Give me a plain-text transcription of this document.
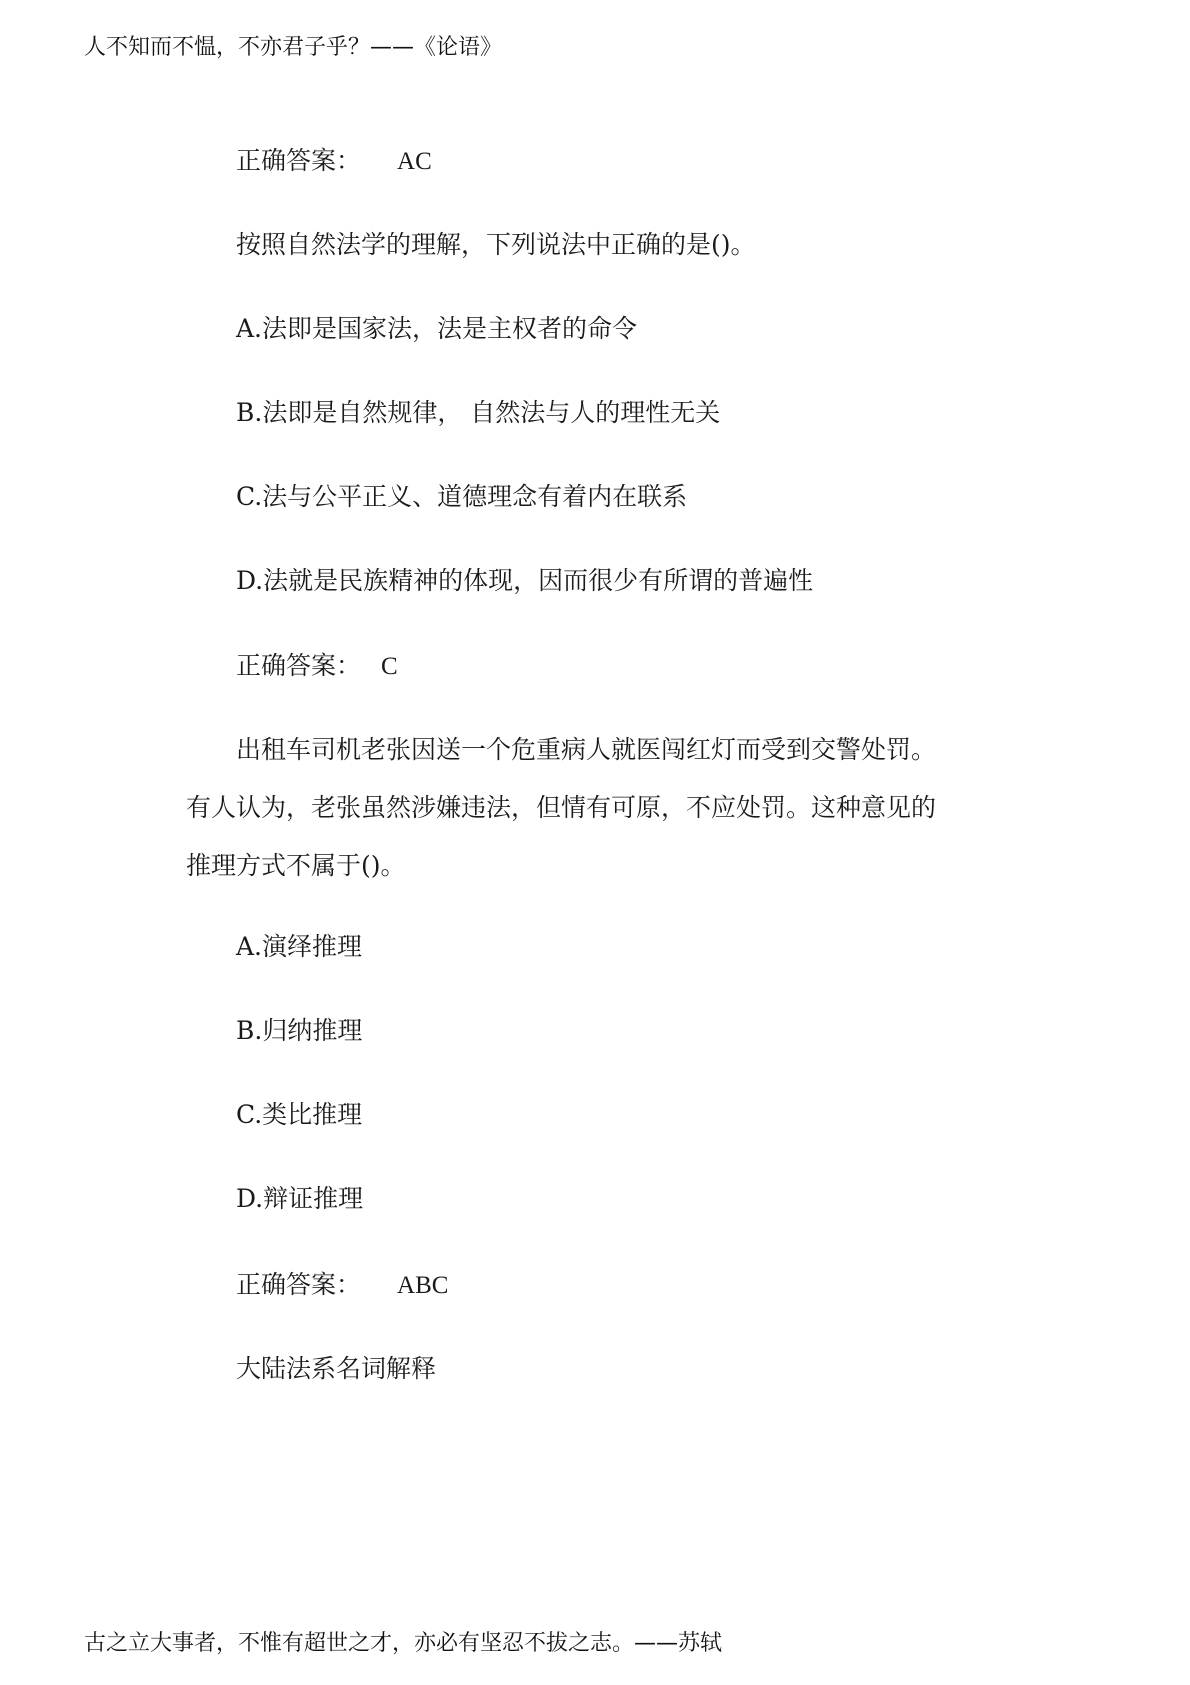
人不知而不愠，不亦君子乎？——《论语》
正确答案： AC
按照自然法学的理解，下列说法中正确的是()。
A.法即是国家法，法是主权者的命令
B.法即是自然规律， 自然法与人的理性无关
C.法与公平正义、道德理念有着内在联系
D.法就是民族精神的体现，因而很少有所谓的普遍性
正确答案： C
出租车司机老张因送一个危重病人就医闯红灯而受到交警处罚。
有人认为，老张虽然涉嫌违法，但情有可原，不应处罚。这种意见的
推理方式不属于()。
A.演绎推理
B.归纳推理
C.类比推理
D.辩证推理
正确答案： ABC
大陆法系名词解释
古之立大事者，不惟有超世之才，亦必有坚忍不拔之志。——苏轼
